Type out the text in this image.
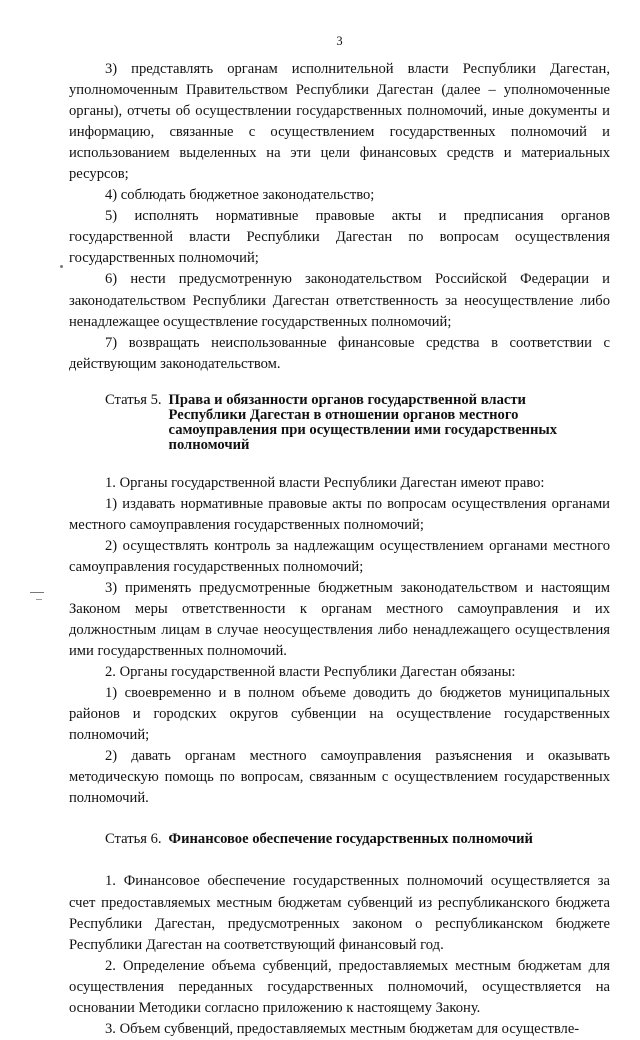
3

3) представлять органам исполнительной власти Республики Дагестан, уполномоченным Правительством Республики Дагестан (далее – уполномоченные органы), отчеты об осуществлении государственных полномочий, иные документы и информацию, связанные с осуществлением государственных полномочий и использованием выделенных на эти цели финансовых средств и материальных ресурсов;

4) соблюдать бюджетное законодательство;

5) исполнять нормативные правовые акты и предписания органов государственной власти Республики Дагестан по вопросам осуществления государственных полномочий;

6) нести предусмотренную законодательством Российской Федерации и законодательством Республики Дагестан ответственность за неосуществление либо ненадлежащее осуществление государственных полномочий;

7) возвращать неиспользованные финансовые средства в соответствии с действующим законодательством.

Статья 5. Права и обязанности органов государственной власти Республики Дагестан в отношении органов местного самоуправления при осуществлении ими государственных полномочий

1. Органы государственной власти Республики Дагестан имеют право:

1) издавать нормативные правовые акты по вопросам осуществления органами местного самоуправления государственных полномочий;

2) осуществлять контроль за надлежащим осуществлением органами местного самоуправления государственных полномочий;

3) применять предусмотренные бюджетным законодательством и настоящим Законом меры ответственности к органам местного самоуправления и их должностным лицам в случае неосуществления либо ненадлежащего осуществления ими государственных полномочий.

2. Органы государственной власти Республики Дагестан обязаны:

1) своевременно и в полном объеме доводить до бюджетов муниципальных районов и городских округов субвенции на осуществление государственных полномочий;

2) давать органам местного самоуправления разъяснения и оказывать методическую помощь по вопросам, связанным с осуществлением государственных полномочий.

Статья 6. Финансовое обеспечение государственных полномочий

1. Финансовое обеспечение государственных полномочий осуществляется за счет предоставляемых местным бюджетам субвенций из республиканского бюджета Республики Дагестан, предусмотренных законом о республиканском бюджете Республики Дагестан на соответствующий финансовый год.

2. Определение объема субвенций, предоставляемых местным бюджетам для осуществления переданных государственных полномочий, осуществляется на основании Методики согласно приложению к настоящему Закону.

3. Объем субвенций, предоставляемых местным бюджетам для осуществле-
